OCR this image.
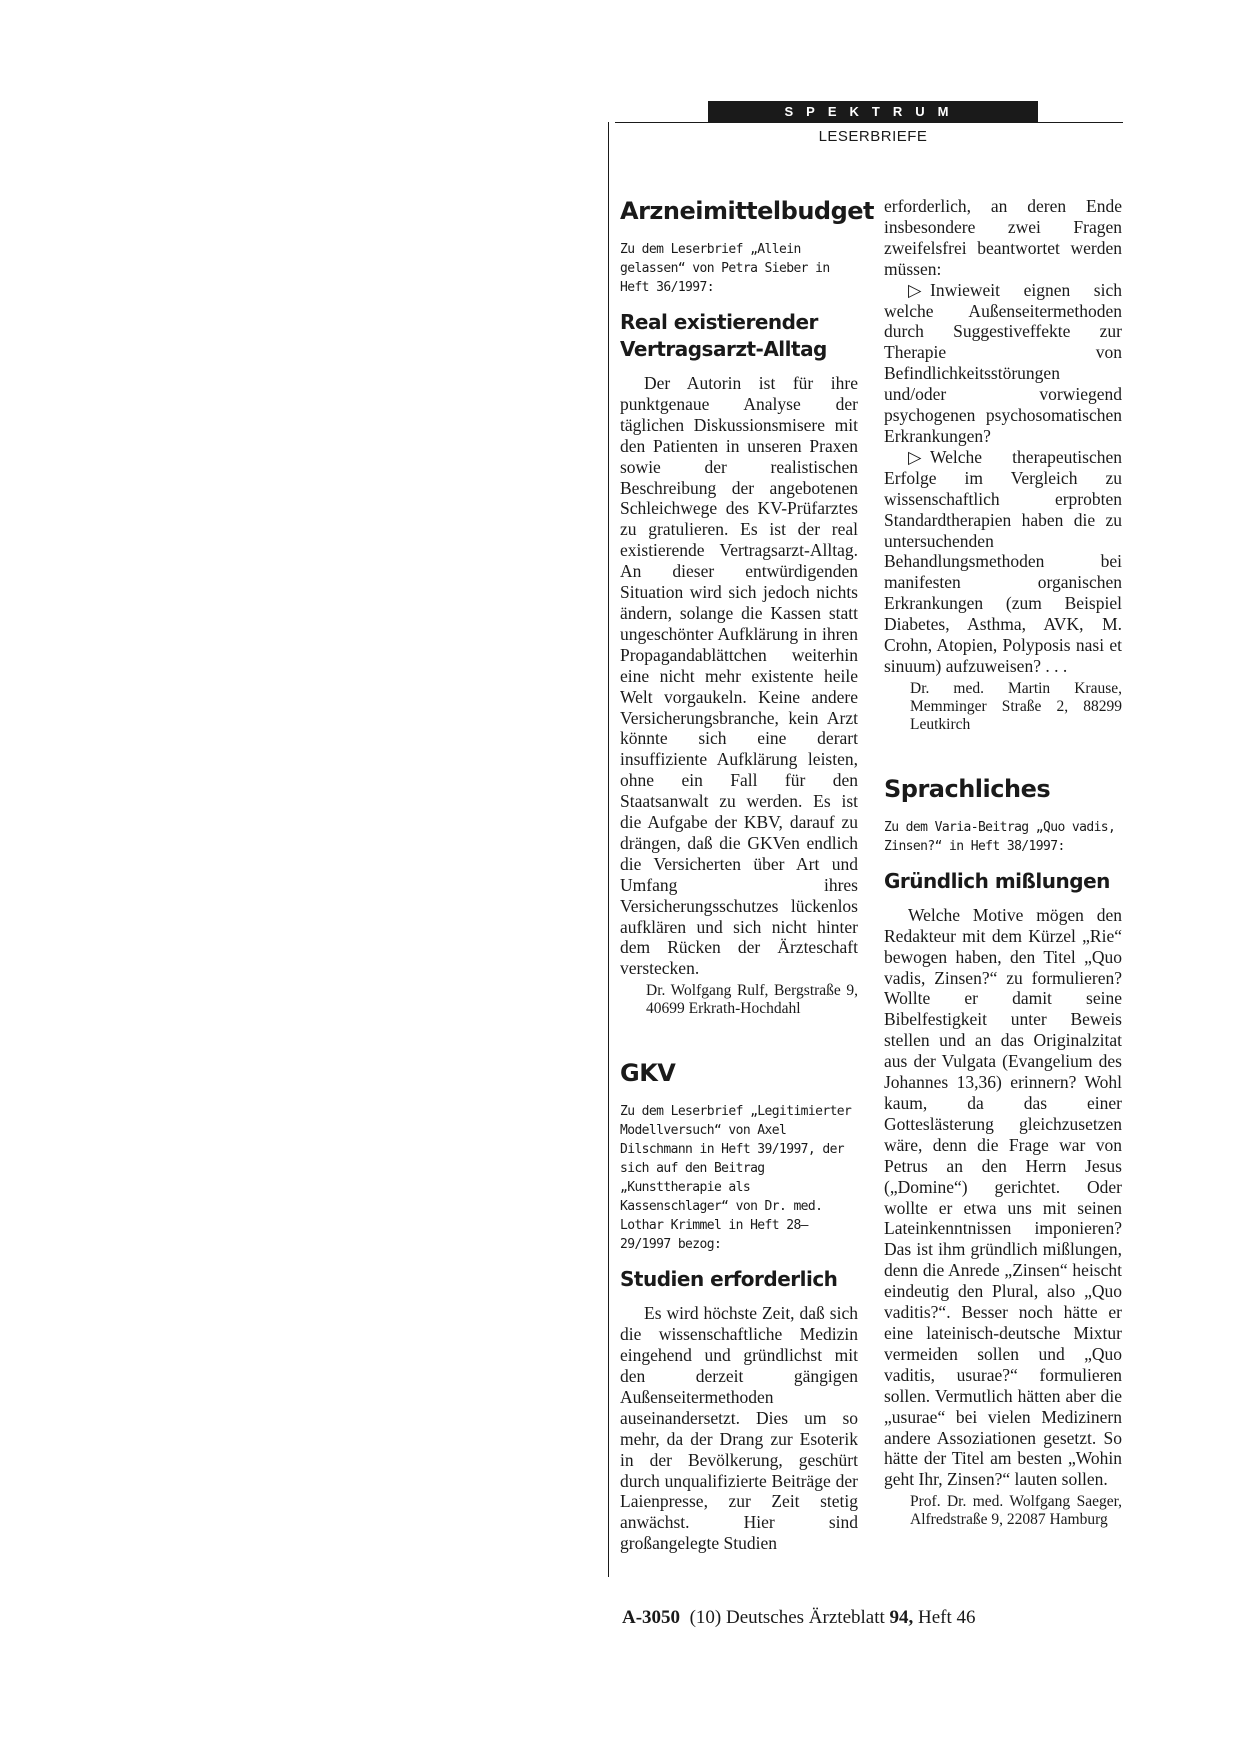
SPEKTRUM
LESERBRIEFE
Arzneimittelbudget
Zu dem Leserbrief „Allein gelassen“ von Petra Sieber in Heft 36/1997:
Real existierender Vertragsarzt-Alltag

Der Autorin ist für ihre punktgenaue Analyse der täglichen Diskussionsmisere mit den Patienten in unseren Praxen sowie der realistischen Beschreibung der angebotenen Schleichwege des KV-Prüfarztes zu gratulieren. Es ist der real existierende Vertragsarzt-Alltag. An dieser entwürdigenden Situation wird sich jedoch nichts ändern, solange die Kassen statt ungeschönter Aufklärung in ihren Propagandablättchen weiterhin eine nicht mehr existente heile Welt vorgaukeln. Keine andere Versicherungsbranche, kein Arzt könnte sich eine derart insuffiziente Aufklärung leisten, ohne ein Fall für den Staatsanwalt zu werden. Es ist die Aufgabe der KBV, darauf zu drängen, daß die GKVen endlich die Versicherten über Art und Umfang ihres Versicherungsschutzes lückenlos aufklären und sich nicht hinter dem Rücken der Ärzteschaft verstecken.

Dr. Wolfgang Rulf, Bergstraße 9, 40699 Erkrath-Hochdahl
GKV
Zu dem Leserbrief „Legitimierter Modellversuch“ von Axel Dilschmann in Heft 39/1997, der sich auf den Beitrag „Kunsttherapie als Kassenschlager“ von Dr. med. Lothar Krimmel in Heft 28–29/1997 bezog:
Studien erforderlich

Es wird höchste Zeit, daß sich die wissenschaftliche Medizin eingehend und gründlichst mit den derzeit gängigen Außenseitermethoden auseinandersetzt. Dies um so mehr, da der Drang zur Esoterik in der Bevölkerung, geschürt durch unqualifizierte Beiträge der Laienpresse, zur Zeit stetig anwächst. Hier sind großangelegte Studien

erforderlich, an deren Ende insbesondere zwei Fragen zweifelsfrei beantwortet werden müssen:

▷ Inwieweit eignen sich welche Außenseitermethoden durch Suggestiveffekte zur Therapie von Befindlichkeitsstörungen und/oder vorwiegend psychogenen psychosomatischen Erkrankungen?

▷ Welche therapeutischen Erfolge im Vergleich zu wissenschaftlich erprobten Standardtherapien haben die zu untersuchenden Behandlungsmethoden bei manifesten organischen Erkrankungen (zum Beispiel Diabetes, Asthma, AVK, M. Crohn, Atopien, Polyposis nasi et sinuum) aufzuweisen? . . .

Dr. med. Martin Krause, Memminger Straße 2, 88299 Leutkirch
Sprachliches
Zu dem Varia-Beitrag „Quo vadis, Zinsen?“ in Heft 38/1997:
Gründlich mißlungen

Welche Motive mögen den Redakteur mit dem Kürzel „Rie“ bewogen haben, den Titel „Quo vadis, Zinsen?“ zu formulieren? Wollte er damit seine Bibelfestigkeit unter Beweis stellen und an das Originalzitat aus der Vulgata (Evangelium des Johannes 13,36) erinnern? Wohl kaum, da das einer Gotteslästerung gleichzusetzen wäre, denn die Frage war von Petrus an den Herrn Jesus („Domine“) gerichtet. Oder wollte er etwa uns mit seinen Lateinkenntnissen imponieren? Das ist ihm gründlich mißlungen, denn die Anrede „Zinsen“ heischt eindeutig den Plural, also „Quo vaditis?“. Besser noch hätte er eine lateinisch-deutsche Mixtur vermeiden sollen und „Quo vaditis, usurae?“ formulieren sollen. Vermutlich hätten aber die „usurae“ bei vielen Medizinern andere Assoziationen gesetzt. So hätte der Titel am besten „Wohin geht Ihr, Zinsen?“ lauten sollen.

Prof. Dr. med. Wolfgang Saeger, Alfredstraße 9, 22087 Hamburg
A-3050 (10) Deutsches Ärzteblatt 94, Heft 46
